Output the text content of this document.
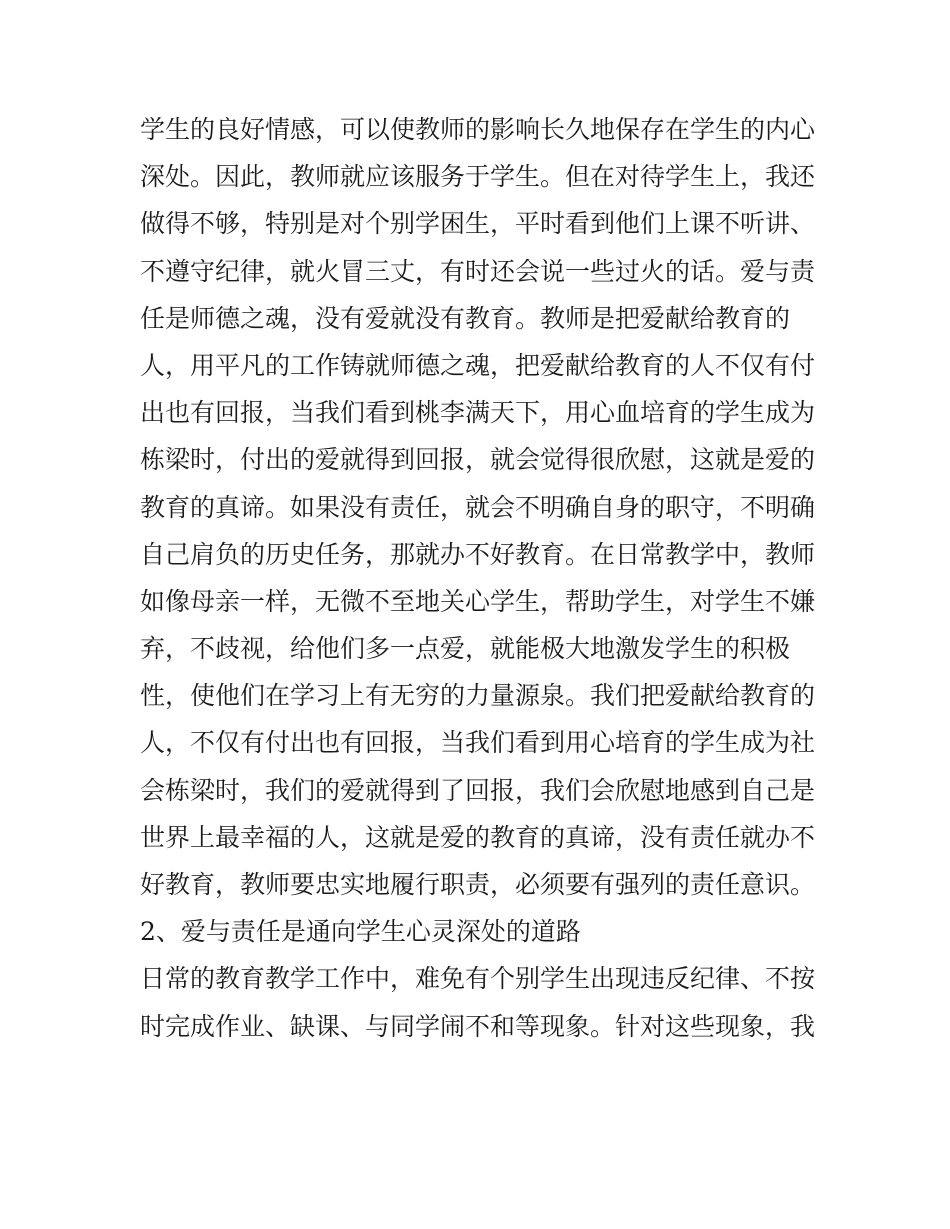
学生的良好情感，可以使教师的影响长久地保存在学生的内心
深处。因此，教师就应该服务于学生。但在对待学生上，我还
做得不够，特别是对个别学困生，平时看到他们上课不听讲、
不遵守纪律，就火冒三丈，有时还会说一些过火的话。爱与责
任是师德之魂，没有爱就没有教育。教师是把爱献给教育的
人，用平凡的工作铸就师德之魂，把爱献给教育的人不仅有付
出也有回报，当我们看到桃李满天下，用心血培育的学生成为
栋梁时，付出的爱就得到回报，就会觉得很欣慰，这就是爱的
教育的真谛。如果没有责任，就会不明确自身的职守，不明确
自己肩负的历史任务，那就办不好教育。在日常教学中，教师
如像母亲一样，无微不至地关心学生，帮助学生，对学生不嫌
弃，不歧视，给他们多一点爱，就能极大地激发学生的积极
性，使他们在学习上有无穷的力量源泉。我们把爱献给教育的
人，不仅有付出也有回报，当我们看到用心培育的学生成为社
会栋梁时，我们的爱就得到了回报，我们会欣慰地感到自己是
世界上最幸福的人，这就是爱的教育的真谛，没有责任就办不
好教育，教师要忠实地履行职责，必须要有强列的责任意识。
2、爱与责任是通向学生心灵深处的道路
日常的教育教学工作中，难免有个别学生出现违反纪律、不按
时完成作业、缺课、与同学闹不和等现象。针对这些现象，我
